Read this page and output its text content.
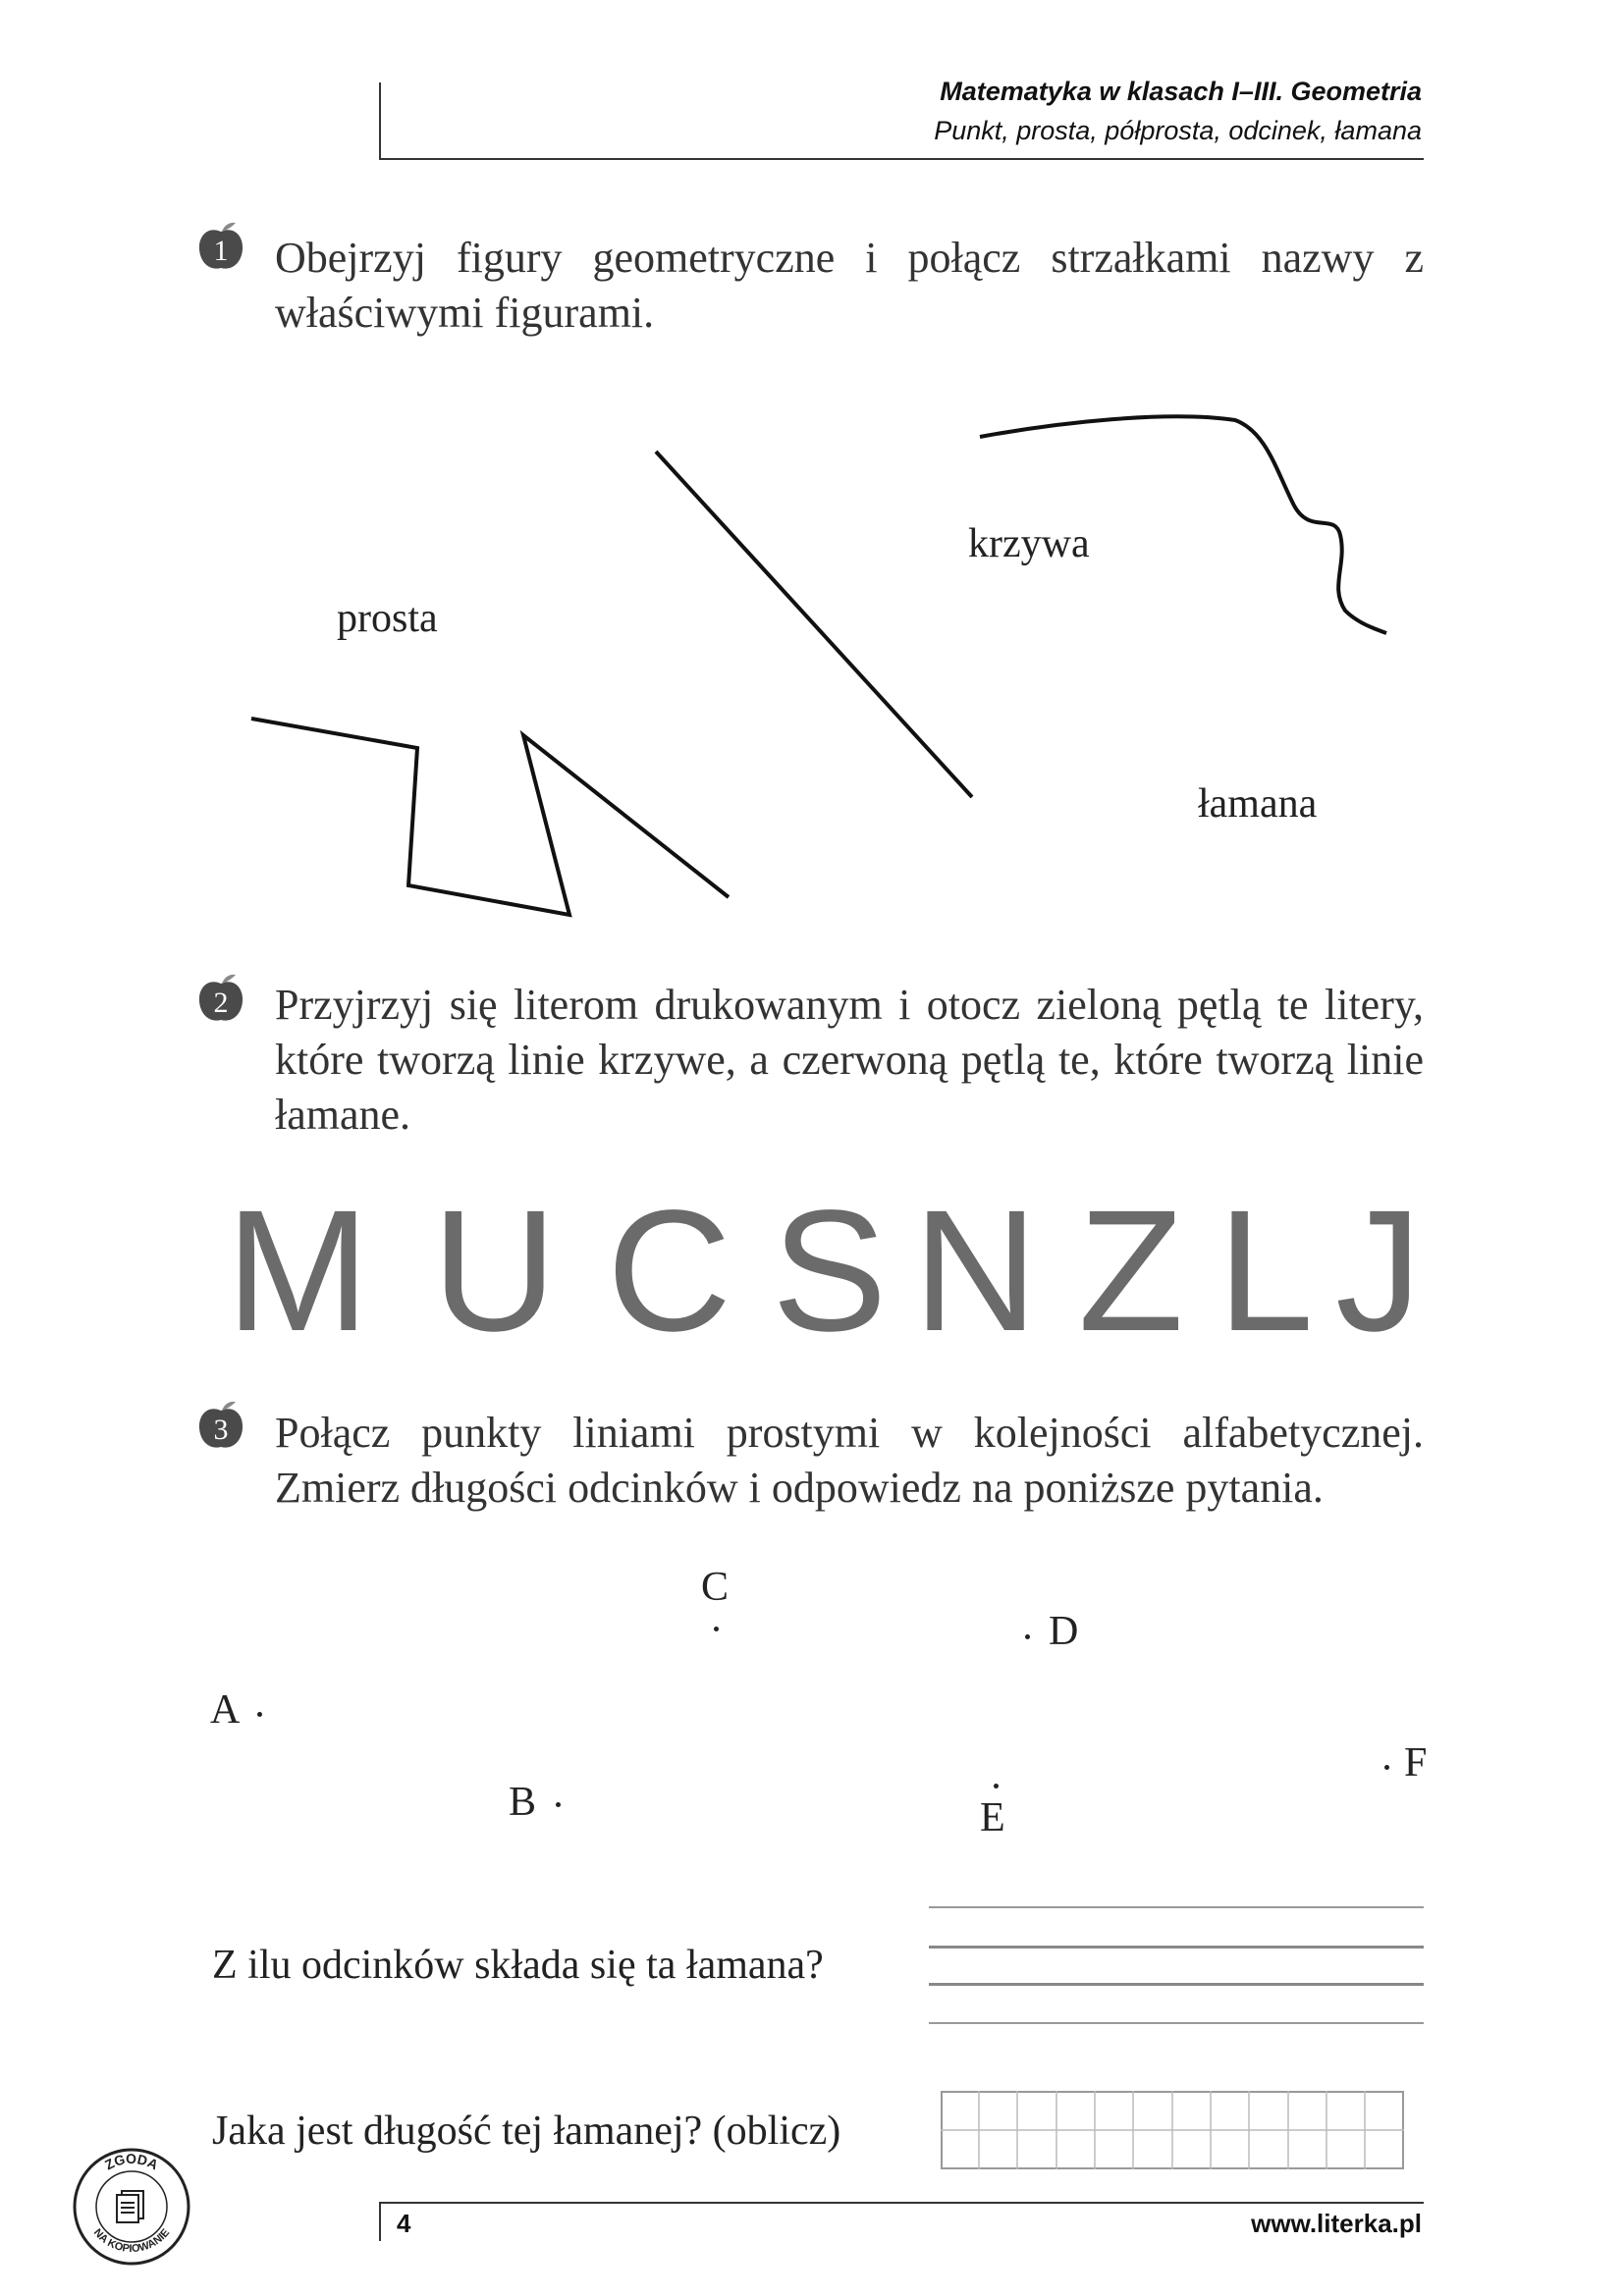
Matematyka w klasach I–III. Geometria
Punkt, prosta, półprosta, odcinek, łamana
1 Obejrzyj figury geometryczne i połącz strzałkami nazwy z właściwymi figurami.
prosta
krzywa
łamana
2 Przyjrzyj się literom drukowanym i otocz zieloną pętlą te litery, które tworzą linie krzywe, a czerwoną pętlą te, które tworzą linie łamane.
M U C S N Z L J
3 Połącz punkty liniami prostymi w kolejności alfabetycznej. Zmierz długości odcinków i odpowiedz na poniższe pytania.
C
D
A
F
B	E
Z ilu odcinków składa się ta łamana?
Jaka jest długość tej łamanej? (oblicz)
4	www.literka.pl
ZGODA
NA KOPIOWANIE
